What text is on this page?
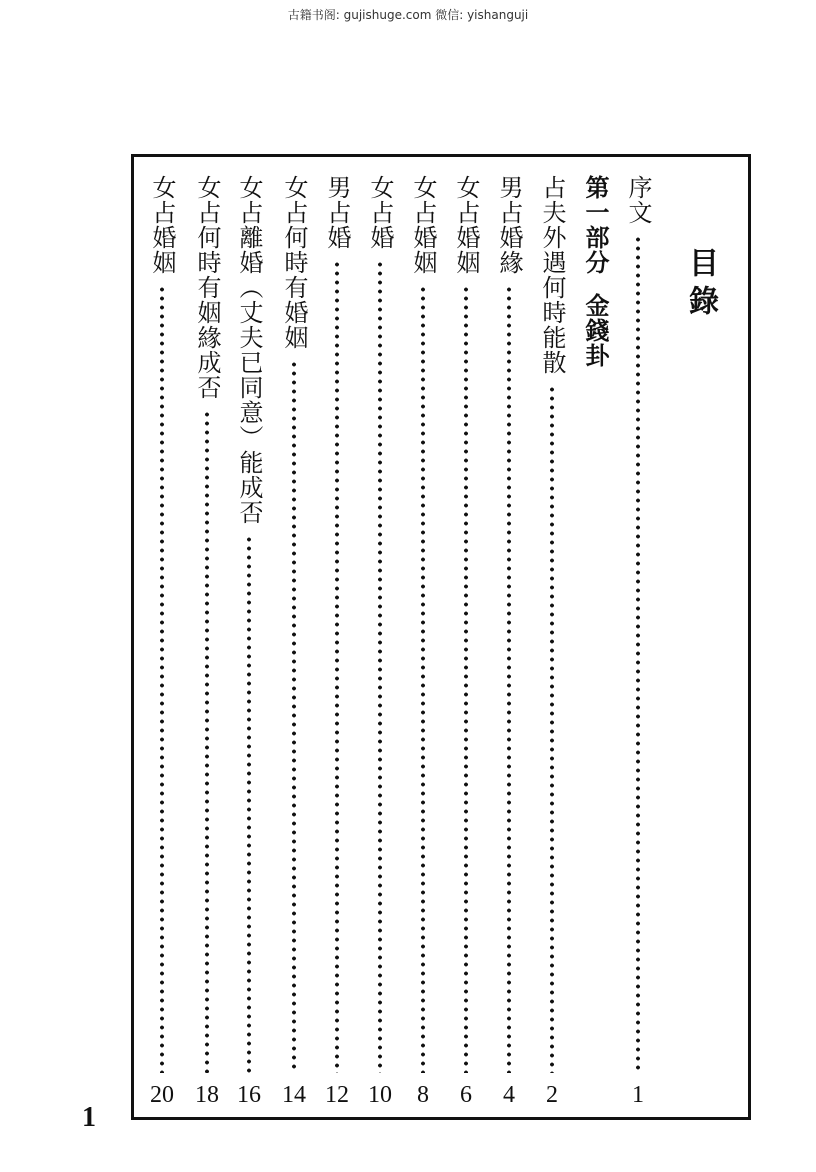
古籍书阁: gujishuge.com 微信: yishanguji
目錄
序文
1
第一部分
金錢卦
占夫外遇何時能散
2
男占婚緣
4
女占婚姻
6
女占婚姻
8
女占婚
10
男占婚
12
女占何時有婚姻
14
女占離婚（丈夫已同意）能成否
16
女占何時有姻緣成否
18
女占婚姻
20
1
